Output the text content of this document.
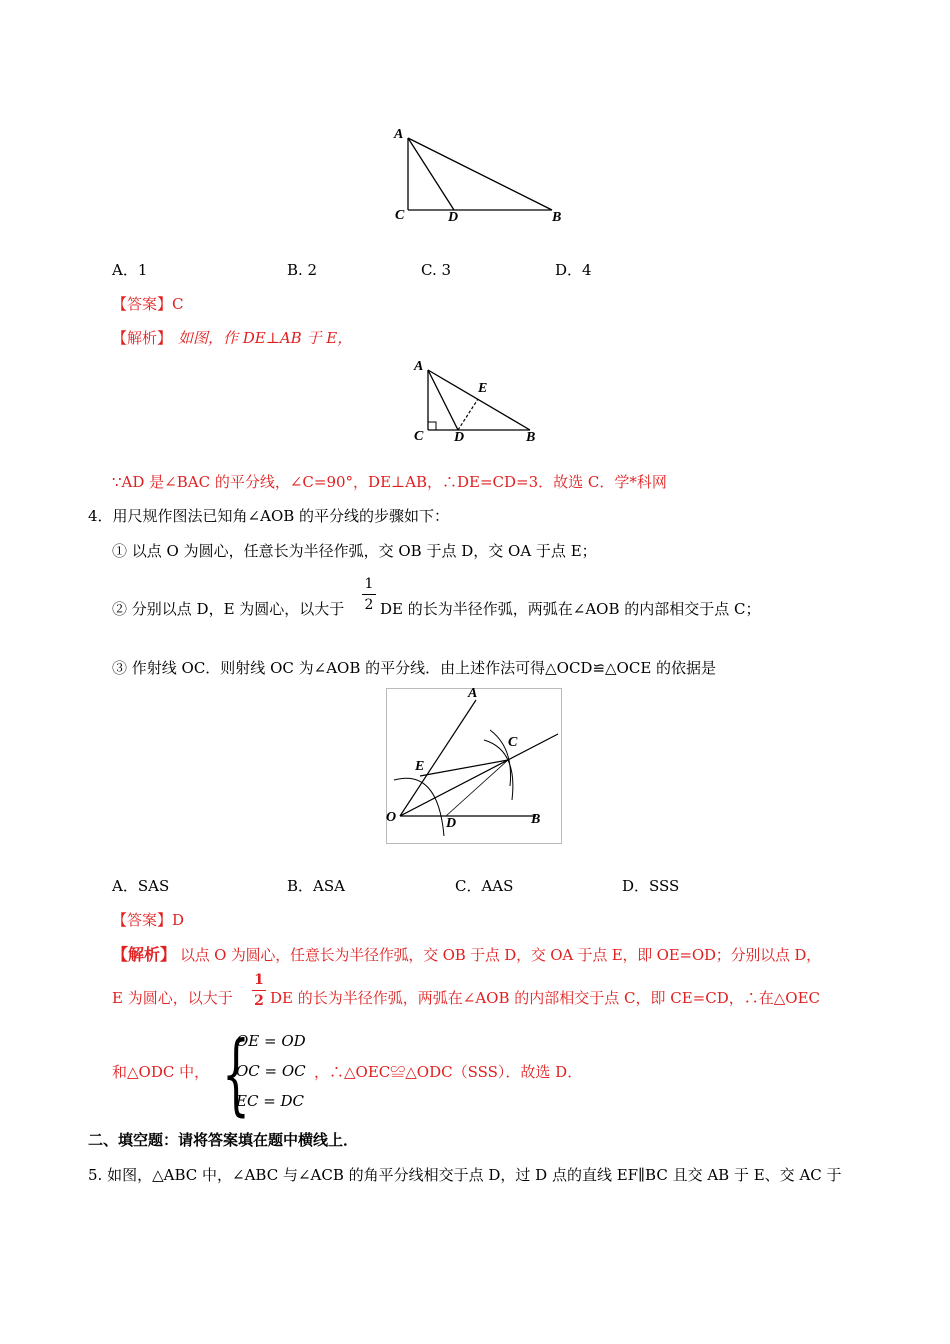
A
C	D	B
A．1	B. 2	C. 3	D．4
【答案】C
【解析】 如图，作 DE⊥AB 于 E，
A
E
C D	B
∵AD 是∠BAC 的平分线，∠C=90°，DE⊥AB，∴DE=CD=3．故选 C．学*科网
4．用尺规作图法已知角∠AOB 的平分线的步骤如下：
① 以点 O 为圆心，任意长为半径作弧，交 OB 于点 D，交 OA 于点 E；
② 分别以点 D，E 为圆心，以大于
1
2 DE 的长为半径作弧，两弧在∠AOB 的内部相交于点 C；
③ 作射线 OC．则射线 OC 为∠AOB 的平分线．由上述作法可得△OCD≌△OCE 的依据是
A
C
E
O	D	B
A．SAS	B．ASA	C．AAS	D．SSS
【答案】D
【解析】 以点 O 为圆心，任意长为半径作弧，交 OB 于点 D，交 OA 于点 E，即 OE=OD；分别以点 D，
E 为圆心，以大于
1
2 DE 的长为半径作弧，两弧在∠AOB 的内部相交于点 C，即 CE=CD，∴在△OEC
和△ODC 中， {
OE = OD
OC = OC
EC = DC
，∴△OEC≌△ODC（SSS）．故选 D．
二、填空题：请将答案填在题中横线上．
5. 如图，△ABC 中，∠ABC 与∠ACB 的角平分线相交于点 D，过 D 点的直线 EF∥BC 且交 AB 于 E、交 AC 于
